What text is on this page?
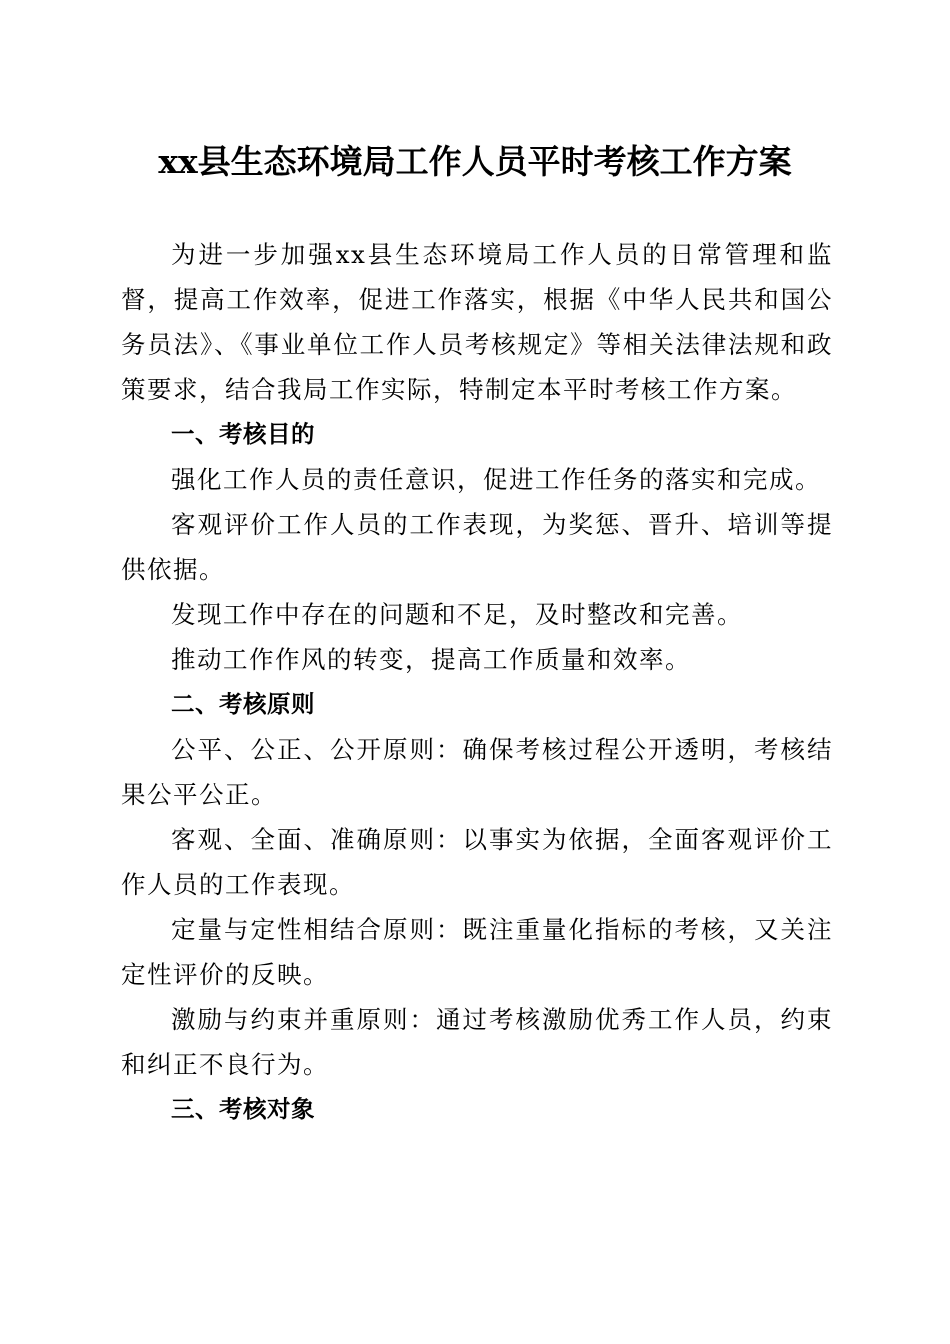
xx县生态环境局工作人员平时考核工作方案

为进一步加强xx县生态环境局工作人员的日常管理和监督，提高工作效率，促进工作落实，根据《中华人民共和国公务员法》、《事业单位工作人员考核规定》等相关法律法规和政策要求，结合我局工作实际，特制定本平时考核工作方案。

一、考核目的

强化工作人员的责任意识，促进工作任务的落实和完成。

客观评价工作人员的工作表现，为奖惩、晋升、培训等提供依据。

发现工作中存在的问题和不足，及时整改和完善。

推动工作作风的转变，提高工作质量和效率。

二、考核原则

公平、公正、公开原则：确保考核过程公开透明，考核结果公平公正。

客观、全面、准确原则：以事实为依据，全面客观评价工作人员的工作表现。

定量与定性相结合原则：既注重量化指标的考核，又关注定性评价的反映。

激励与约束并重原则：通过考核激励优秀工作人员，约束和纠正不良行为。

三、考核对象
